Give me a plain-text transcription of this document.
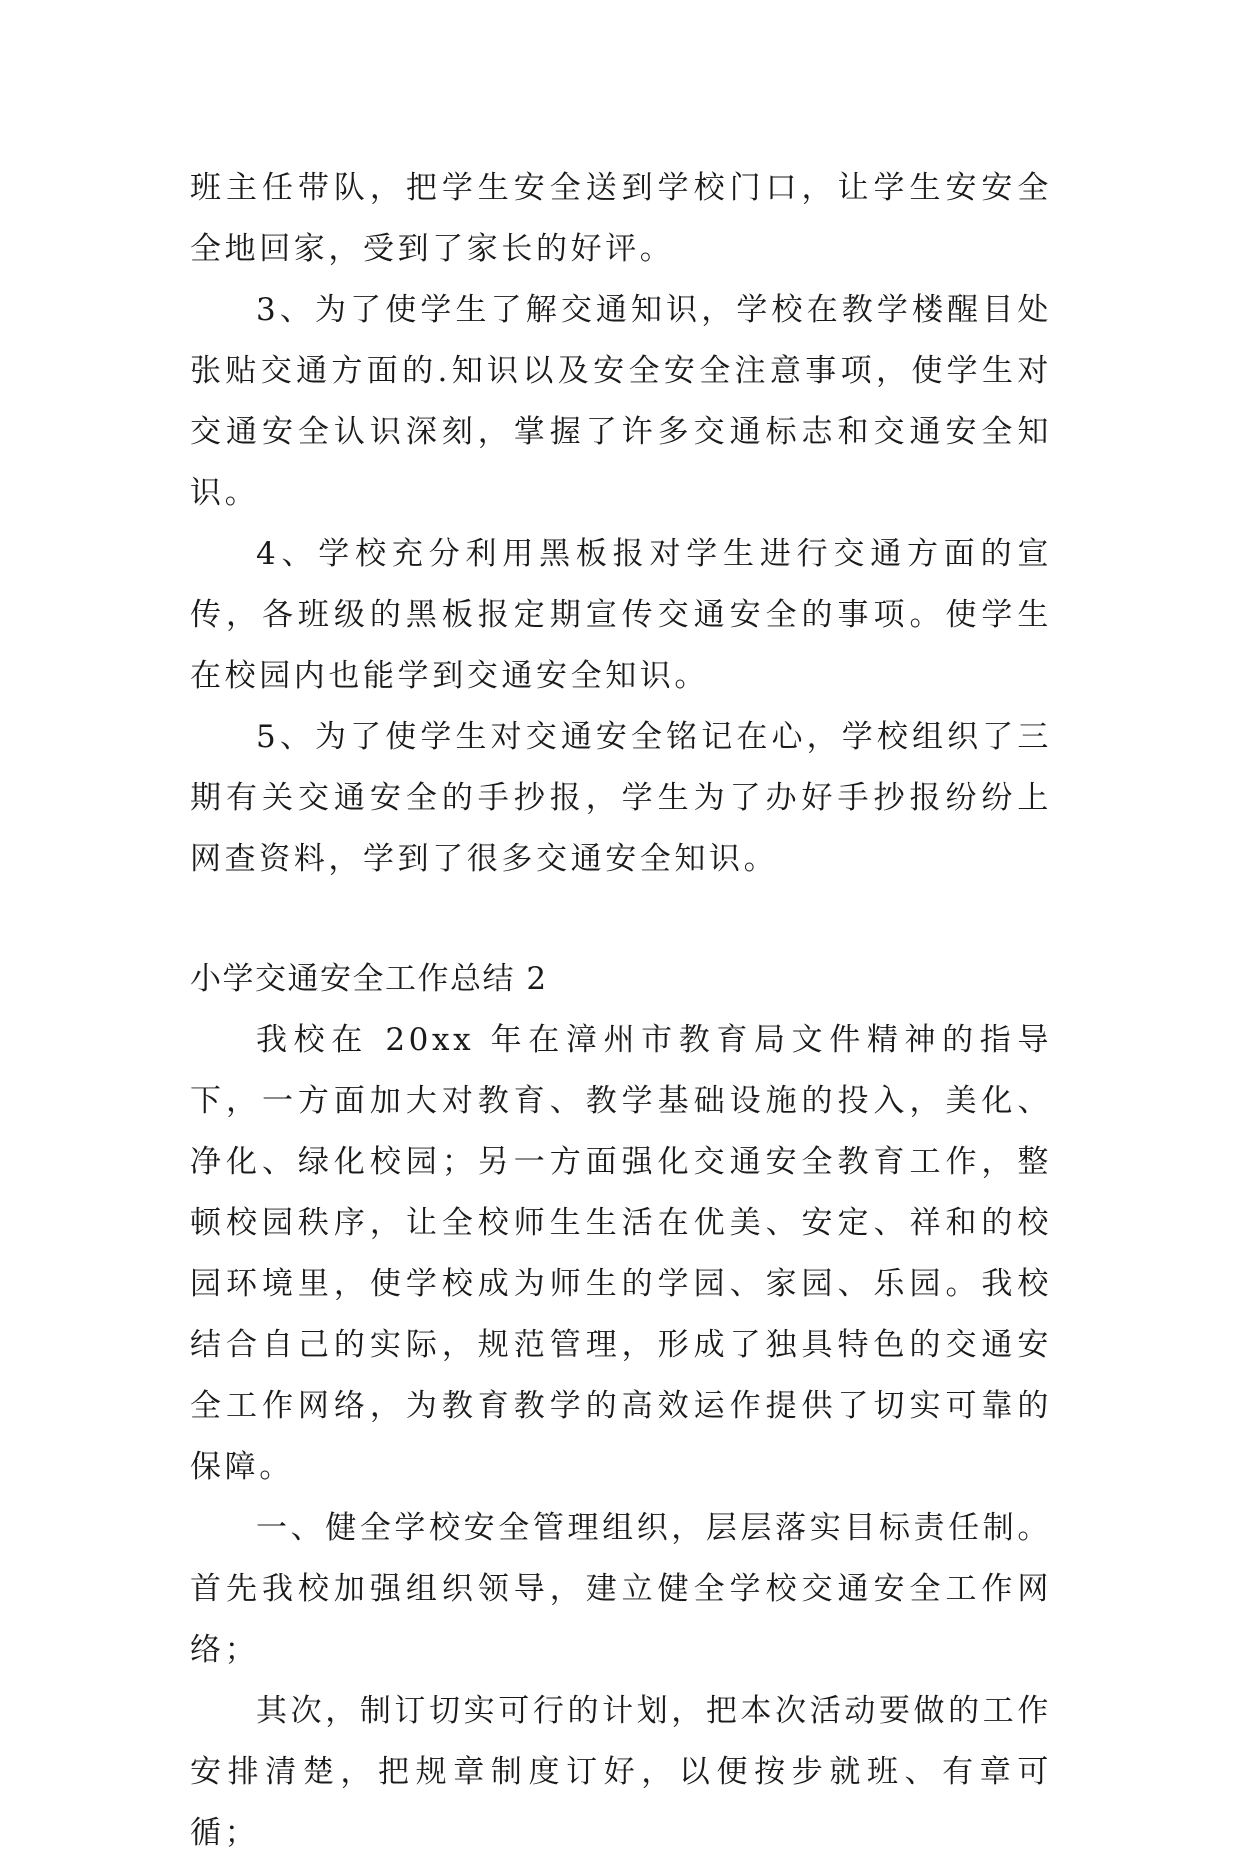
班主任带队，把学生安全送到学校门口，让学生安安全全地回家，受到了家长的好评。

3、为了使学生了解交通知识，学校在教学楼醒目处张贴交通方面的.知识以及安全安全注意事项，使学生对交通安全认识深刻，掌握了许多交通标志和交通安全知识。

4、学校充分利用黑板报对学生进行交通方面的宣传，各班级的黑板报定期宣传交通安全的事项。使学生在校园内也能学到交通安全知识。

5、为了使学生对交通安全铭记在心，学校组织了三期有关交通安全的手抄报，学生为了办好手抄报纷纷上网查资料，学到了很多交通安全知识。

小学交通安全工作总结 2

我校在 20xx 年在漳州市教育局文件精神的指导下，一方面加大对教育、教学基础设施的投入，美化、净化、绿化校园；另一方面强化交通安全教育工作，整顿校园秩序，让全校师生生活在优美、安定、祥和的校园环境里，使学校成为师生的学园、家园、乐园。我校结合自己的实际，规范管理，形成了独具特色的交通安全工作网络，为教育教学的高效运作提供了切实可靠的保障。

一、健全学校安全管理组织，层层落实目标责任制。首先我校加强组织领导，建立健全学校交通安全工作网络；

其次，制订切实可行的计划，把本次活动要做的工作安排清楚，把规章制度订好，以便按步就班、有章可循；
